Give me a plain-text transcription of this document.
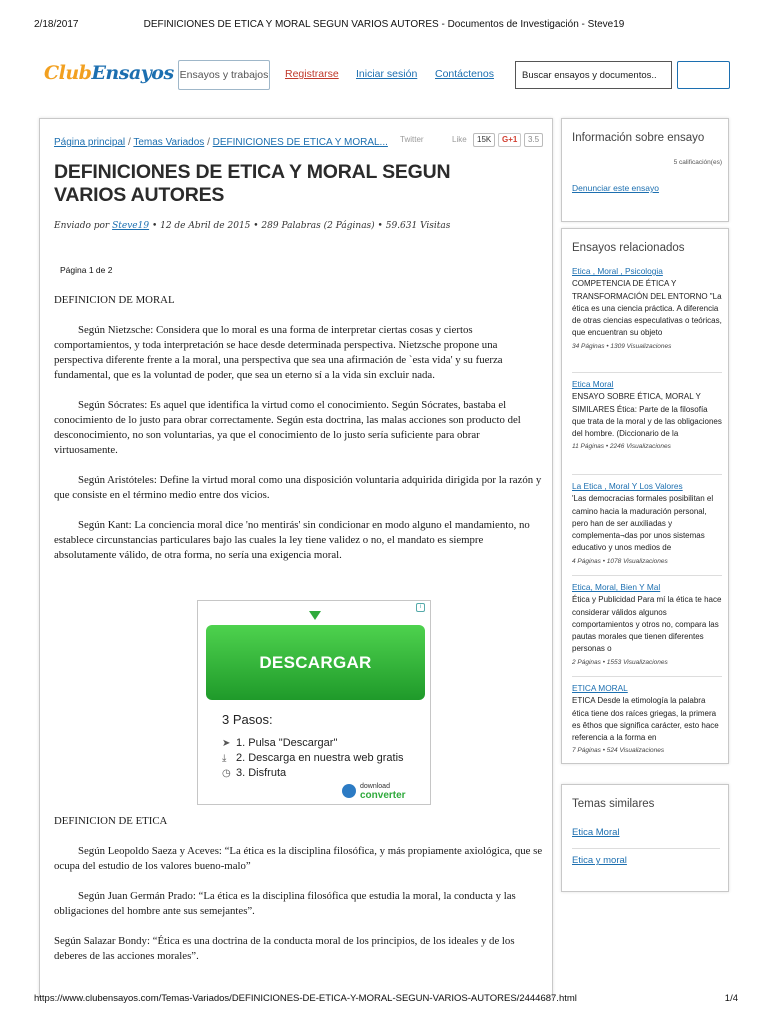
2/18/2017	DEFINICIONES DE ETICA Y MORAL SEGUN VARIOS AUTORES - Documentos de Investigación - Steve19
ClubEnsayos Ensayos y trabajos Registrarse Iniciar sesión Contáctenos
Buscar ensayos y documentos..
Página principal / Temas Variados / DEFINICIONES DE ETICA Y MORAL... Twitter	Like	15K	G+1	3.5
DEFINICIONES DE ETICA Y MORAL SEGUN VARIOS AUTORES
Enviado por Steve19 • 12 de Abril de 2015 • 289 Palabras (2 Páginas) • 59.631 Visitas
Página 1 de 2

DEFINICION DE MORAL

Según Nietzsche: Considera que lo moral es una forma de interpretar ciertas cosas y ciertos comportamientos, y toda interpretación se hace desde determinada perspectiva. Nietzsche propone una perspectiva diferente frente a la moral, una perspectiva que sea una afirmación de `esta vida' y su fuerza fundamental, que es la voluntad de poder, que sea un eterno sí a la vida sin excluir nada.

Según Sócrates: Es aquel que identifica la virtud como el conocimiento. Según Sócrates, bastaba el conocimiento de lo justo para obrar correctamente. Según esta doctrina, las malas acciones son producto del desconocimiento, no son voluntarias, ya que el conocimiento de lo justo sería suficiente para obrar virtuosamente.

Según Aristóteles: Define la virtud moral como una disposición voluntaria adquirida dirigida por la razón y que consiste en el término medio entre dos vicios.

Según Kant: La conciencia moral dice 'no mentirás' sin condicionar en modo alguno el mandamiento, no establece circunstancias particulares bajo las cuales la ley tiene validez o no, el mandato es siempre absolutamente válido, de otra forma, no sería una exigencia moral.

DEFINICION DE ETICA

Según Leopoldo Saeza y Aceves: “La ética es la disciplina filosófica, y más propiamente axiológica, que se ocupa del estudio de los valores bueno-malo”

Según Juan Germán Prado: “La ética es la disciplina filosófica que estudia la moral, la conducta y las obligaciones del hombre ante sus semejantes”.

Según Salazar Bondy: “Ética es una doctrina de la conducta moral de los principios, de los ideales y de los deberes de las acciones morales”.

i
DESCARGAR
3 Pasos:
➤ 1. Pulsa "Descargar"
⤓ 2. Descarga en nuestra web gratis
◷ 3. Disfruta
download
converter
Información sobre ensayo
5 calificación(es)
Denunciar este ensayo
Ensayos relacionados
Etica , Moral , Psicologia
COMPETENCIA DE ÉTICA Y TRANSFORMACIÓN DEL ENTORNO "La ética es una ciencia práctica. A diferencia de otras ciencias especulativas o teóricas, que encuentran su objeto
34 Páginas • 1309 Visualizaciones
Etica Moral
ENSAYO SOBRE ÉTICA, MORAL Y SIMILARES Ética: Parte de la filosofía que trata de la moral y de las obligaciones del hombre. (Diccionario de la
11 Páginas • 2246 Visualizaciones
La Etica , Moral Y Los Valores
'Las democracias formales posibilitan el camino hacia la maduración personal, pero han de ser auxiliadas y complementa¬das por unos sistemas educativo y unos medios de
4 Páginas • 1078 Visualizaciones
Etica, Moral, Bien Y Mal
Ética y Publicidad Para mí la ética te hace considerar válidos algunos comportamientos y otros no, compara las pautas morales que tienen diferentes personas o
2 Páginas • 1553 Visualizaciones
ETICA MORAL
ETICA Desde la etimología la palabra ética tiene dos raíces griegas, la primera es êthos que significa carácter, esto hace referencia a la forma en
7 Páginas • 524 Visualizaciones
Temas similares
Etica Moral
Etica y moral
https://www.clubensayos.com/Temas-Variados/DEFINICIONES-DE-ETICA-Y-MORAL-SEGUN-VARIOS-AUTORES/2444687.html	1/4
